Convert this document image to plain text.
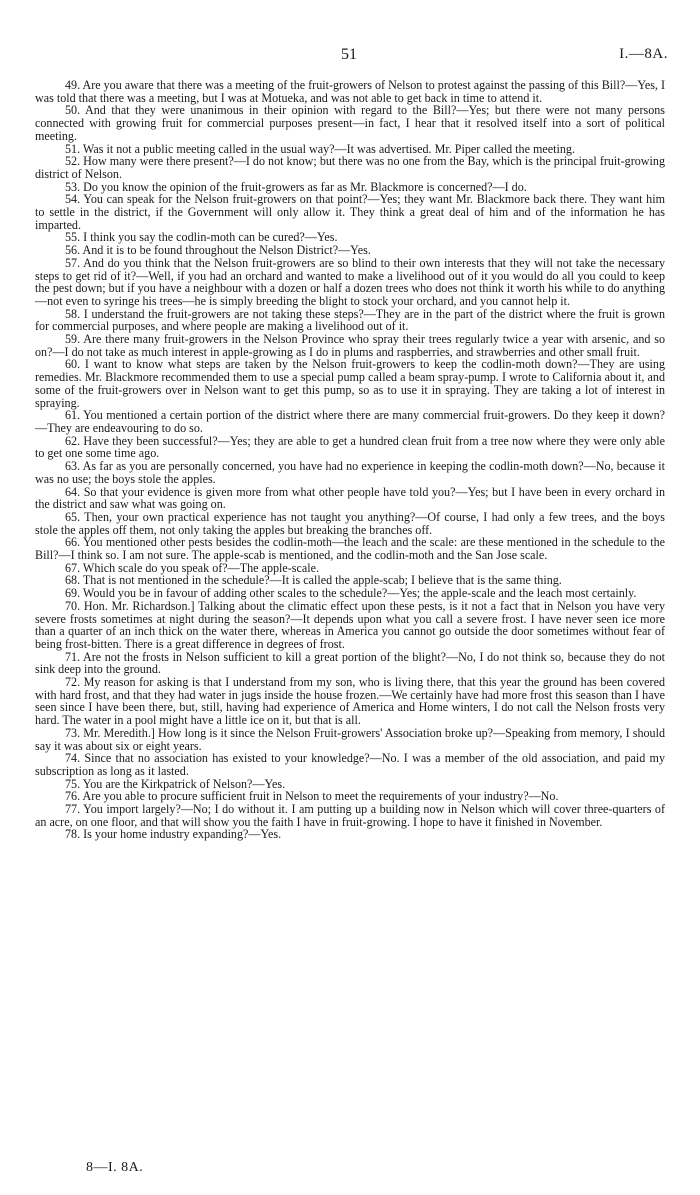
51	I.—8A.

49. Are you aware that there was a meeting of the fruit-growers of Nelson to protest against the passing of this Bill?—Yes, I was told that there was a meeting, but I was at Motueka, and was not able to get back in time to attend it.

50. And that they were unanimous in their opinion with regard to the Bill?—Yes; but there were not many persons connected with growing fruit for commercial purposes present—in fact, I hear that it resolved itself into a sort of political meeting.

51. Was it not a public meeting called in the usual way?—It was advertised. Mr. Piper called the meeting.

52. How many were there present?—I do not know; but there was no one from the Bay, which is the principal fruit-growing district of Nelson.

53. Do you know the opinion of the fruit-growers as far as Mr. Blackmore is concerned?—I do.

54. You can speak for the Nelson fruit-growers on that point?—Yes; they want Mr. Blackmore back there. They want him to settle in the district, if the Government will only allow it. They think a great deal of him and of the information he has imparted.

55. I think you say the codlin-moth can be cured?—Yes.

56. And it is to be found throughout the Nelson District?—Yes.

57. And do you think that the Nelson fruit-growers are so blind to their own interests that they will not take the necessary steps to get rid of it?—Well, if you had an orchard and wanted to make a livelihood out of it you would do all you could to keep the pest down; but if you have a neighbour with a dozen or half a dozen trees who does not think it worth his while to do anything—not even to syringe his trees—he is simply breeding the blight to stock your orchard, and you cannot help it.

58. I understand the fruit-growers are not taking these steps?—They are in the part of the district where the fruit is grown for commercial purposes, and where people are making a livelihood out of it.

59. Are there many fruit-growers in the Nelson Province who spray their trees regularly twice a year with arsenic, and so on?—I do not take as much interest in apple-growing as I do in plums and raspberries, and strawberries and other small fruit.

60. I want to know what steps are taken by the Nelson fruit-growers to keep the codlin-moth down?—They are using remedies. Mr. Blackmore recommended them to use a special pump called a beam spray-pump. I wrote to California about it, and some of the fruit-growers over in Nelson want to get this pump, so as to use it in spraying. They are taking a lot of interest in spraying.

61. You mentioned a certain portion of the district where there are many commercial fruit-growers. Do they keep it down?—They are endeavouring to do so.

62. Have they been successful?—Yes; they are able to get a hundred clean fruit from a tree now where they were only able to get one some time ago.

63. As far as you are personally concerned, you have had no experience in keeping the codlin-moth down?—No, because it was no use; the boys stole the apples.

64. So that your evidence is given more from what other people have told you?—Yes; but I have been in every orchard in the district and saw what was going on.

65. Then, your own practical experience has not taught you anything?—Of course, I had only a few trees, and the boys stole the apples off them, not only taking the apples but breaking the branches off.

66. You mentioned other pests besides the codlin-moth—the leach and the scale: are these mentioned in the schedule to the Bill?—I think so. I am not sure. The apple-scab is mentioned, and the codlin-moth and the San Jose scale.

67. Which scale do you speak of?—The apple-scale.

68. That is not mentioned in the schedule?—It is called the apple-scab; I believe that is the same thing.

69. Would you be in favour of adding other scales to the schedule?—Yes; the apple-scale and the leach most certainly.

70. Hon. Mr. Richardson.] Talking about the climatic effect upon these pests, is it not a fact that in Nelson you have very severe frosts sometimes at night during the season?—It depends upon what you call a severe frost. I have never seen ice more than a quarter of an inch thick on the water there, whereas in America you cannot go outside the door sometimes without fear of being frost-bitten. There is a great difference in degrees of frost.

71. Are not the frosts in Nelson sufficient to kill a great portion of the blight?—No, I do not think so, because they do not sink deep into the ground.

72. My reason for asking is that I understand from my son, who is living there, that this year the ground has been covered with hard frost, and that they had water in jugs inside the house frozen.—We certainly have had more frost this season than I have seen since I have been there, but, still, having had experience of America and Home winters, I do not call the Nelson frosts very hard. The water in a pool might have a little ice on it, but that is all.

73. Mr. Meredith.] How long is it since the Nelson Fruit-growers' Association broke up?—Speaking from memory, I should say it was about six or eight years.

74. Since that no association has existed to your knowledge?—No. I was a member of the old association, and paid my subscription as long as it lasted.

75. You are the Kirkpatrick of Nelson?—Yes.

76. Are you able to procure sufficient fruit in Nelson to meet the requirements of your industry?—No.

77. You import largely?—No; I do without it. I am putting up a building now in Nelson which will cover three-quarters of an acre, on one floor, and that will show you the faith I have in fruit-growing. I hope to have it finished in November.

78. Is your home industry expanding?—Yes.

8—I. 8A.
